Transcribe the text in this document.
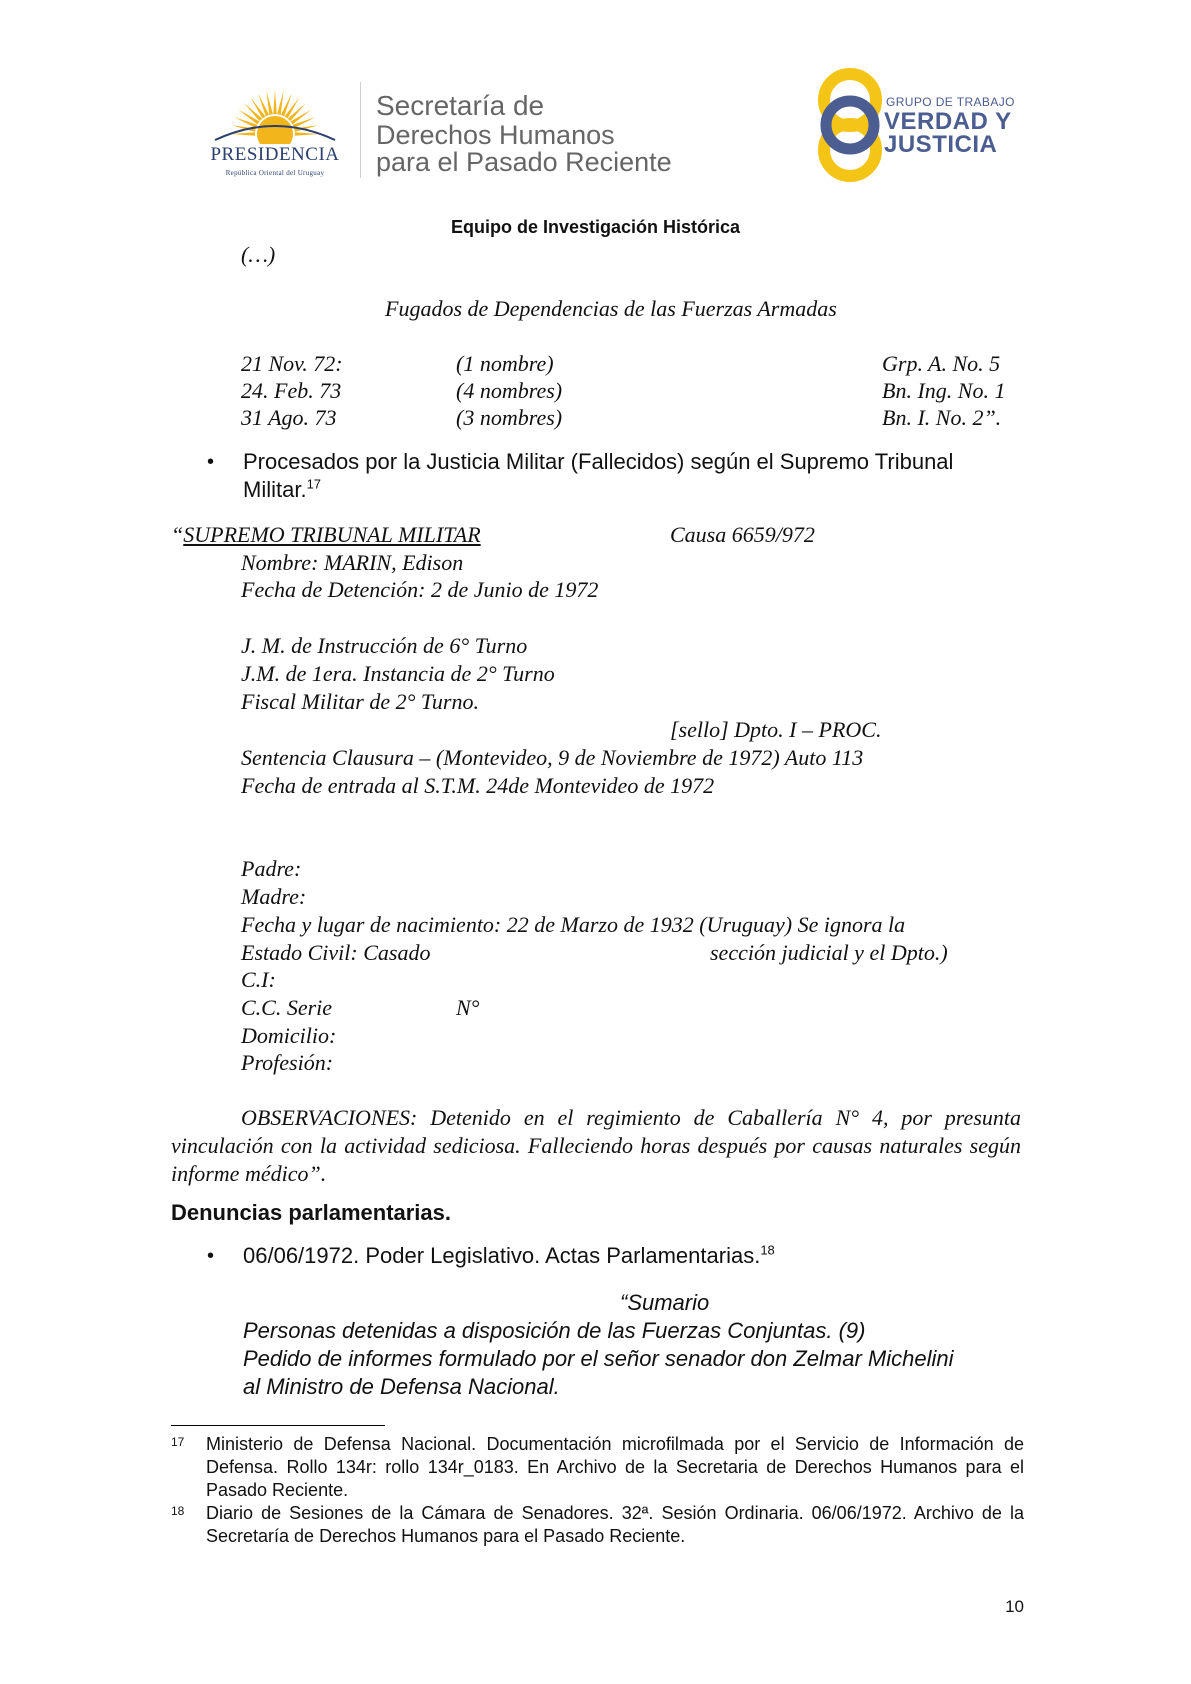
PRESIDENCIA
República Oriental del Uruguay
Secretaría de
Derechos Humanos
para el Pasado Reciente
GRUPO DE TRABAJO
VERDAD Y
JUSTICIA
Equipo de Investigación Histórica
(…)
Fugados de Dependencias de las Fuerzas Armadas
21 Nov. 72:	(1 nombre)	Grp. A. No. 5
24. Feb. 73	(4 nombres)	Bn. Ing. No. 1
31 Ago. 73	(3 nombres)	Bn. I. No. 2”.
• Procesados por la Justicia Militar (Fallecidos) según el Supremo Tribunal
Militar.$^{17}$
“SUPREMO TRIBUNAL MILITAR	Causa 6659/972
Nombre: MARIN, Edison
Fecha de Detención: 2 de Junio de 1972
J. M. de Instrucción de 6° Turno
J.M. de 1era. Instancia de 2° Turno
Fiscal Militar de 2° Turno.
[sello] Dpto. I – PROC.
Sentencia Clausura – (Montevideo, 9 de Noviembre de 1972) Auto 113
Fecha de entrada al S.T.M. 24de Montevideo de 1972
Padre:
Madre:
Fecha y lugar de nacimiento: 22 de Marzo de 1932 (Uruguay) Se ignora la
Estado Civil: Casado	sección judicial y el Dpto.)
C.I:
C.C. Serie	N°
Domicilio:
Profesión:
OBSERVACIONES: Detenido en el regimiento de Caballería N° 4, por presunta vinculación con la actividad sediciosa. Falleciendo horas después por causas naturales según informe médico”.
Denuncias parlamentarias.
• 06/06/1972. Poder Legislativo. Actas Parlamentarias.$^{18}$
“Sumario
Personas detenidas a disposición de las Fuerzas Conjuntas. (9)
Pedido de informes formulado por el señor senador don Zelmar Michelini
al Ministro de Defensa Nacional.
17 Ministerio de Defensa Nacional. Documentación microfilmada por el Servicio de Información de Defensa. Rollo 134r: rollo 134r_0183. En Archivo de la Secretaria de Derechos Humanos para el Pasado Reciente.
18 Diario de Sesiones de la Cámara de Senadores. 32ª. Sesión Ordinaria. 06/06/1972. Archivo de la Secretaría de Derechos Humanos para el Pasado Reciente.
10
